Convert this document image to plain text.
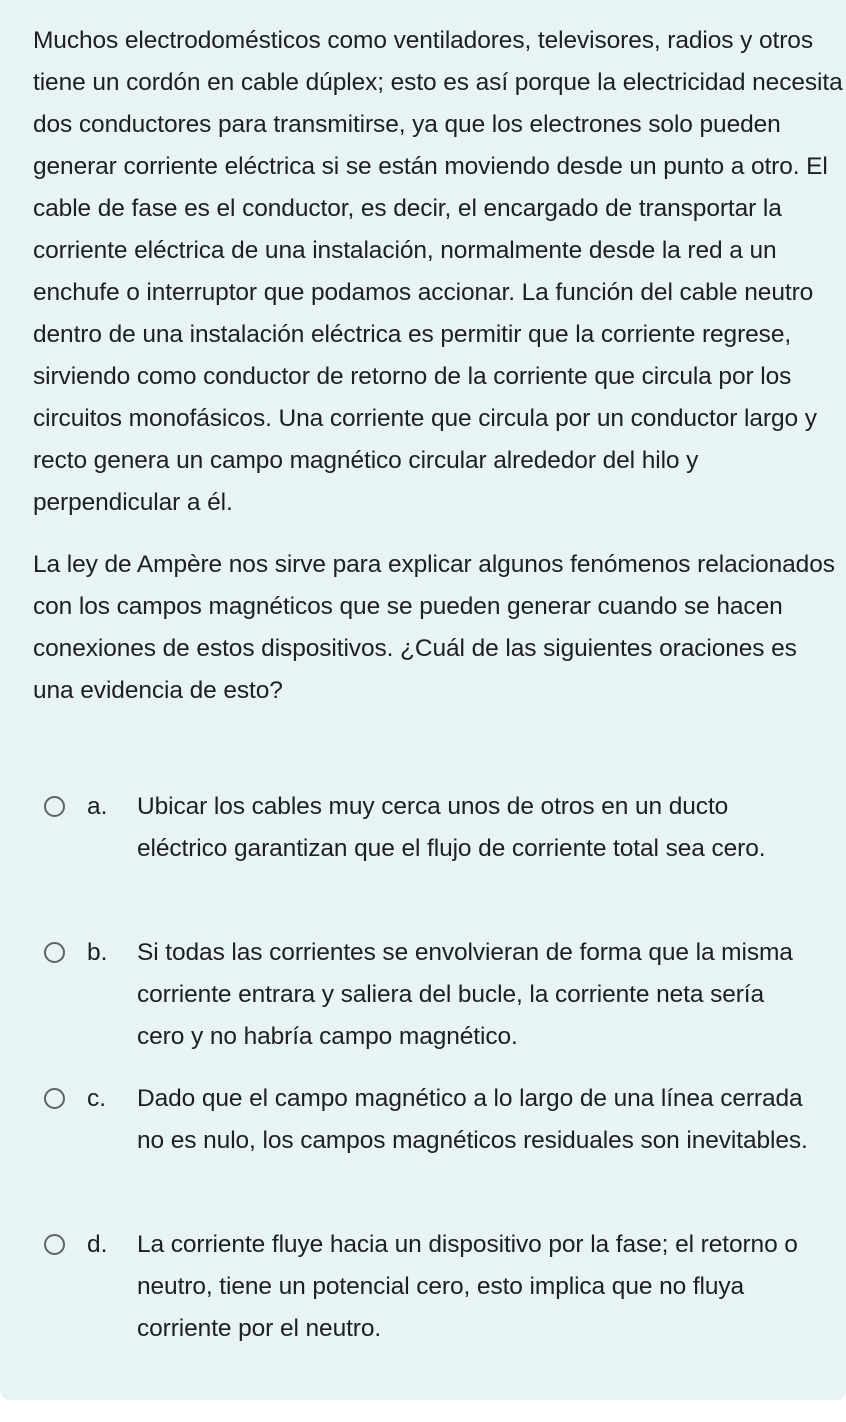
Muchos electrodomésticos como ventiladores, televisores, radios y otros tiene un cordón en cable dúplex; esto es así porque la electricidad necesita dos conductores para transmitirse, ya que los electrones solo pueden generar corriente eléctrica si se están moviendo desde un punto a otro. El cable de fase es el conductor, es decir, el encargado de transportar la corriente eléctrica de una instalación, normalmente desde la red a un enchufe o interruptor que podamos accionar. La función del cable neutro dentro de una instalación eléctrica es permitir que la corriente regrese, sirviendo como conductor de retorno de la corriente que circula por los circuitos monofásicos. Una corriente que circula por un conductor largo y recto genera un campo magnético circular alrededor del hilo y perpendicular a él.

La ley de Ampère nos sirve para explicar algunos fenómenos relacionados con los campos magnéticos que se pueden generar cuando se hacen conexiones de estos dispositivos. ¿Cuál de las siguientes oraciones es una evidencia de esto?

a. Ubicar los cables muy cerca unos de otros en un ducto eléctrico garantizan que el flujo de corriente total sea cero.
b. Si todas las corrientes se envolvieran de forma que la misma corriente entrara y saliera del bucle, la corriente neta sería cero y no habría campo magnético.
c. Dado que el campo magnético a lo largo de una línea cerrada no es nulo, los campos magnéticos residuales son inevitables.
d. La corriente fluye hacia un dispositivo por la fase; el retorno o neutro, tiene un potencial cero, esto implica que no fluya corriente por el neutro.
